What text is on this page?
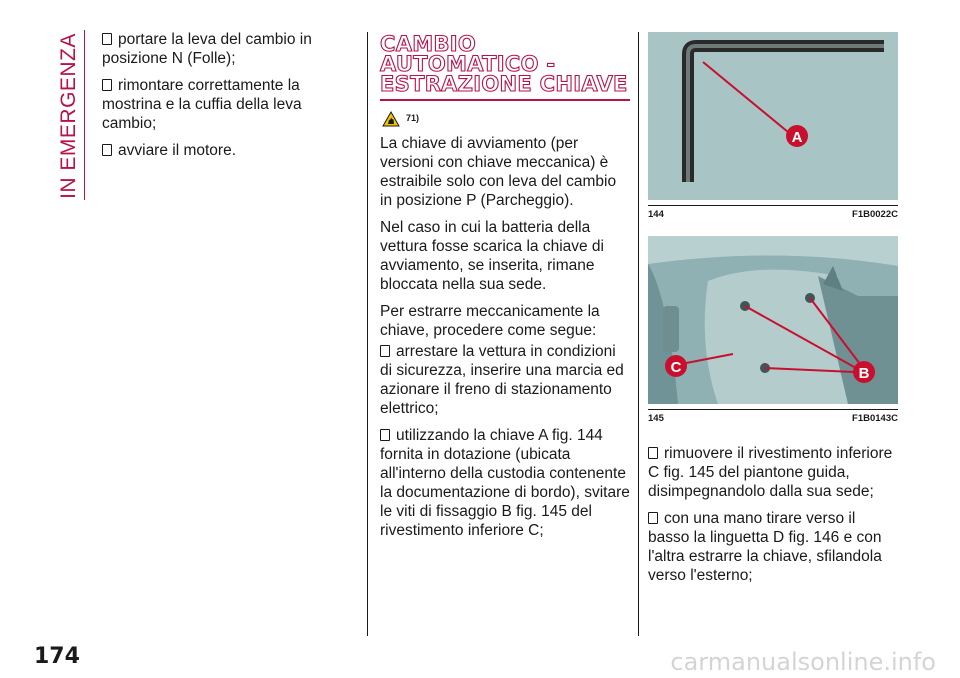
IN EMERGENZA	portare la leva del cambio in posizione N (Folle);

rimontare correttamente la mostrina e la cuffia della leva cambio;

avviare il motore.

CAMBIO AUTOMATICO - ESTRAZIONE CHIAVE
71)

La chiave di avviamento (per versioni con chiave meccanica) è estraibile solo con leva del cambio in posizione P (Parcheggio).

Nel caso in cui la batteria della vettura fosse scarica la chiave di avviamento, se inserita, rimane bloccata nella sua sede.

Per estrarre meccanicamente la chiave, procedere come segue:

arrestare la vettura in condizioni di sicurezza, inserire una marcia ed azionare il freno di stazionamento elettrico;

utilizzando la chiave A fig. 144 fornita in dotazione (ubicata all'interno della custodia contenente la documentazione di bordo), svitare le viti di fissaggio B fig. 145 del rivestimento inferiore C;

A
144	F1B0022C
B
C
145	F1B0143C

rimuovere il rivestimento inferiore C fig. 145 del piantone guida, disimpegnandolo dalla sua sede;

con una mano tirare verso il basso la linguetta D fig. 146 e con l'altra estrarre la chiave, sfilandola verso l'esterno;

174	carmanualsonline.info
